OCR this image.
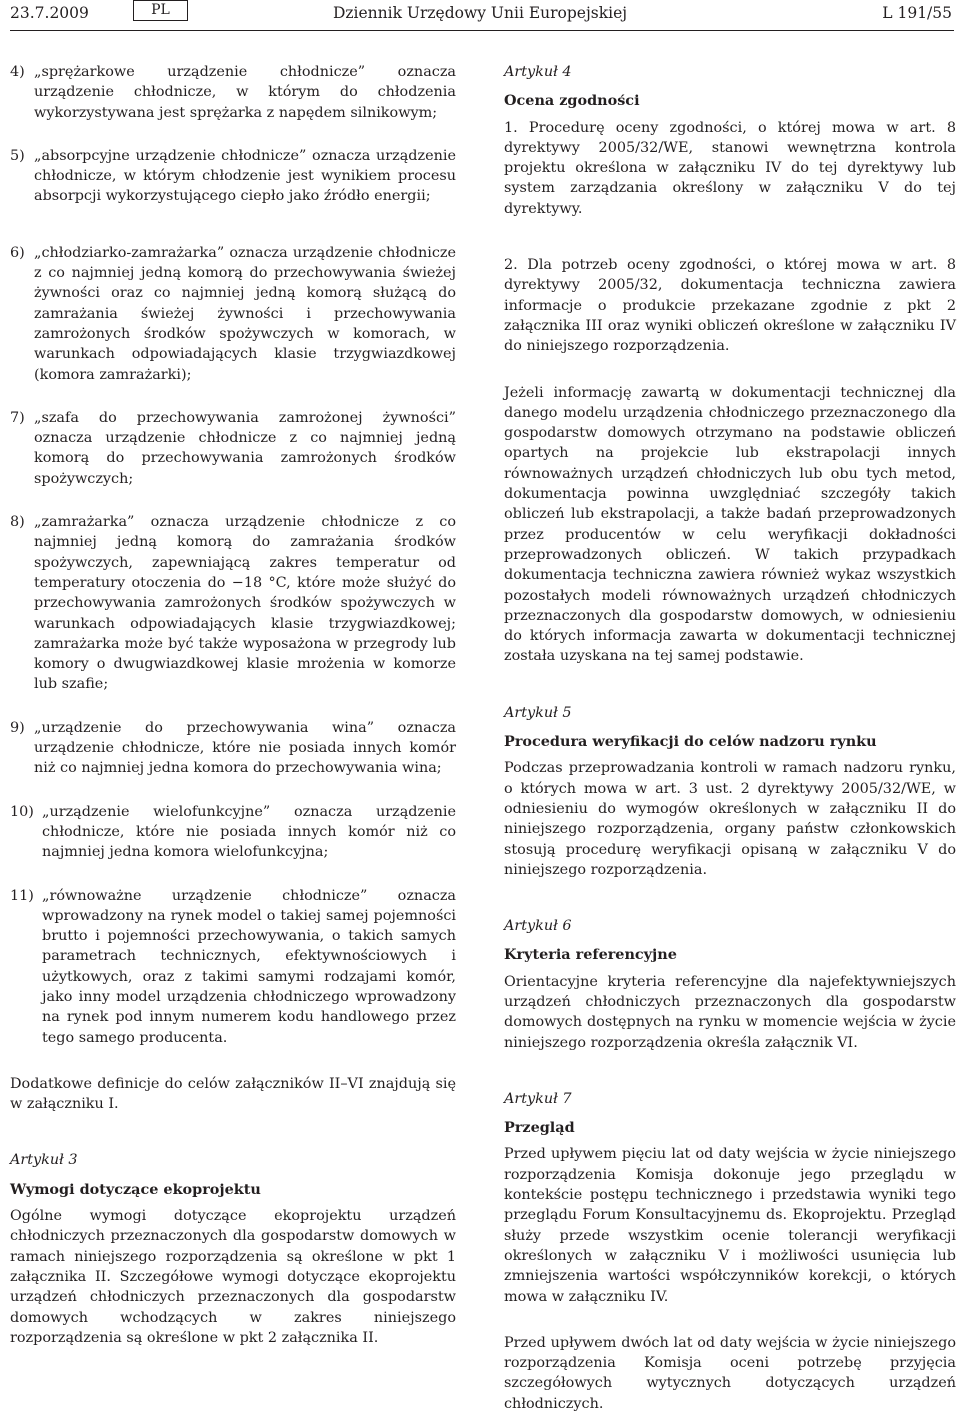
23.7.2009	PL	Dziennik Urzędowy Unii Europejskiej	L 191/55
4) „sprężarkowe urządzenie chłodnicze” oznacza urządzenie chłodnicze, w którym do chłodzenia wykorzystywana jest sprężarka z napędem silnikowym;

5) „absorpcyjne urządzenie chłodnicze” oznacza urządzenie chłodnicze, w którym chłodzenie jest wynikiem procesu absorpcji wykorzystującego ciepło jako źródło energii;

6) „chłodziarko-zamrażarka” oznacza urządzenie chłodnicze z co najmniej jedną komorą do przechowywania świeżej żywności oraz co najmniej jedną komorą służącą do zamrażania świeżej żywności i przechowywania zamrożonych środków spożywczych w komorach, w warunkach odpowiadających klasie trzygwiazdkowej (komora zamrażarki);

7) „szafa do przechowywania zamrożonej żywności” oznacza urządzenie chłodnicze z co najmniej jedną komorą do przechowywania zamrożonych środków spożywczych;

8) „zamrażarka” oznacza urządzenie chłodnicze z co najmniej jedną komorą do zamrażania środków spożywczych, zapewniającą zakres temperatur od temperatury otoczenia do −18 °C, które może służyć do przechowywania zamrożonych środków spożywczych w warunkach odpowiadających klasie trzygwiazdkowej; zamrażarka może być także wyposażona w przegrody lub komory o dwugwiazdkowej klasie mrożenia w komorze lub szafie;

9) „urządzenie do przechowywania wina” oznacza urządzenie chłodnicze, które nie posiada innych komór niż co najmniej jedna komora do przechowywania wina;

10) „urządzenie wielofunkcyjne” oznacza urządzenie chłodnicze, które nie posiada innych komór niż co najmniej jedna komora wielofunkcyjna;

11) „równoważne urządzenie chłodnicze” oznacza wprowadzony na rynek model o takiej samej pojemności brutto i pojemności przechowywania, o takich samych parametrach technicznych, efektywnościowych i użytkowych, oraz z takimi samymi rodzajami komór, jako inny model urządzenia chłodniczego wprowadzony na rynek pod innym numerem kodu handlowego przez tego samego producenta.

Dodatkowe definicje do celów załączników II–VI znajdują się w załączniku I.

Artykuł 3

Wymogi dotyczące ekoprojektu

Ogólne wymogi dotyczące ekoprojektu urządzeń chłodniczych przeznaczonych dla gospodarstw domowych w ramach niniejszego rozporządzenia są określone w pkt 1 załącznika II. Szczegółowe wymogi dotyczące ekoprojektu urządzeń chłodniczych przeznaczonych dla gospodarstw domowych wchodzących w zakres niniejszego rozporządzenia są określone w pkt 2 załącznika II.

Artykuł 4

Ocena zgodności

1. Procedurę oceny zgodności, o której mowa w art. 8 dyrektywy 2005/32/WE, stanowi wewnętrzna kontrola projektu określona w załączniku IV do tej dyrektywy lub system zarządzania określony w załączniku V do tej dyrektywy.

2. Dla potrzeb oceny zgodności, o której mowa w art. 8 dyrektywy 2005/32, dokumentacja techniczna zawiera informacje o produkcie przekazane zgodnie z pkt 2 załącznika III oraz wyniki obliczeń określone w załączniku IV do niniejszego rozporządzenia.

Jeżeli informację zawartą w dokumentacji technicznej dla danego modelu urządzenia chłodniczego przeznaczonego dla gospodarstw domowych otrzymano na podstawie obliczeń opartych na projekcie lub ekstrapolacji innych równoważnych urządzeń chłodniczych lub obu tych metod, dokumentacja powinna uwzględniać szczegóły takich obliczeń lub ekstrapolacji, a także badań przeprowadzonych przez producentów w celu weryfikacji dokładności przeprowadzonych obliczeń. W takich przypadkach dokumentacja techniczna zawiera również wykaz wszystkich pozostałych modeli równoważnych urządzeń chłodniczych przeznaczonych dla gospodarstw domowych, w odniesieniu do których informacja zawarta w dokumentacji technicznej została uzyskana na tej samej podstawie.

Artykuł 5

Procedura weryfikacji do celów nadzoru rynku

Podczas przeprowadzania kontroli w ramach nadzoru rynku, o których mowa w art. 3 ust. 2 dyrektywy 2005/32/WE, w odniesieniu do wymogów określonych w załączniku II do niniejszego rozporządzenia, organy państw członkowskich stosują procedurę weryfikacji opisaną w załączniku V do niniejszego rozporządzenia.

Artykuł 6

Kryteria referencyjne

Orientacyjne kryteria referencyjne dla najefektywniejszych urządzeń chłodniczych przeznaczonych dla gospodarstw domowych dostępnych na rynku w momencie wejścia w życie niniejszego rozporządzenia określa załącznik VI.

Artykuł 7

Przegląd

Przed upływem pięciu lat od daty wejścia w życie niniejszego rozporządzenia Komisja dokonuje jego przeglądu w kontekście postępu technicznego i przedstawia wyniki tego przeglądu Forum Konsultacyjnemu ds. Ekoprojektu. Przegląd służy przede wszystkim ocenie tolerancji weryfikacji określonych w załączniku V i możliwości usunięcia lub zmniejszenia wartości współczynników korekcji, o których mowa w załączniku IV.

Przed upływem dwóch lat od daty wejścia w życie niniejszego rozporządzenia Komisja oceni potrzebę przyjęcia szczegółowych wytycznych dotyczących urządzeń chłodniczych.
